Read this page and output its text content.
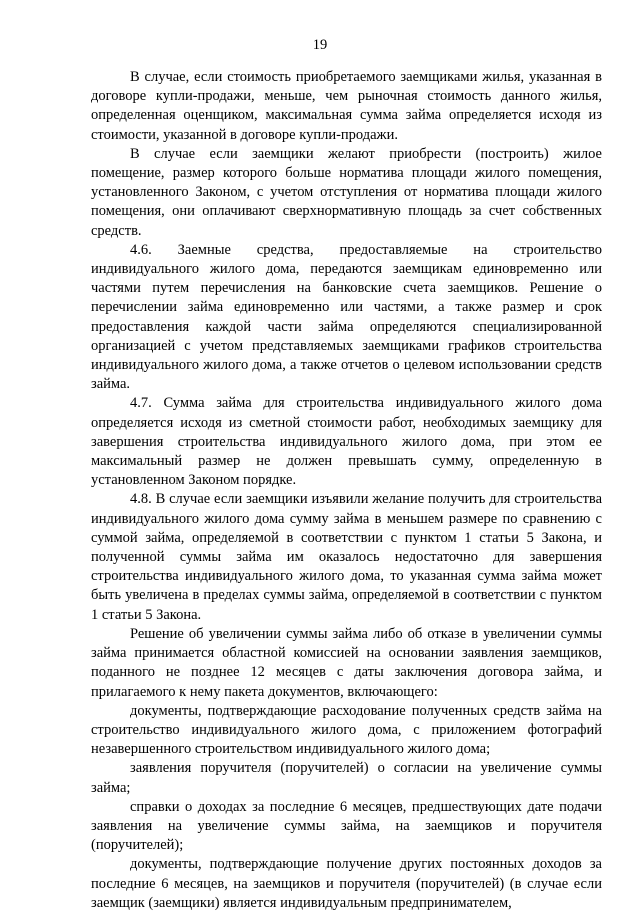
19

В случае, если стоимость приобретаемого заемщиками жилья, указанная в договоре купли-продажи, меньше, чем рыночная стоимость данного жилья, определенная оценщиком, максимальная сумма займа определяется исходя из стоимости, указанной в договоре купли-продажи.

В случае если заемщики желают приобрести (построить) жилое помещение, размер которого больше норматива площади жилого помещения, установленного Законом, с учетом отступления от норматива площади жилого помещения, они оплачивают сверхнормативную площадь за счет собственных средств.

4.6. Заемные средства, предоставляемые на строительство индивидуального жилого дома, передаются заемщикам единовременно или частями путем перечисления на банковские счета заемщиков. Решение о перечислении займа единовременно или частями, а также размер и срок предоставления каждой части займа определяются специализированной организацией с учетом представляемых заемщиками графиков строительства индивидуального жилого дома, а также отчетов о целевом использовании средств займа.

4.7. Сумма займа для строительства индивидуального жилого дома определяется исходя из сметной стоимости работ, необходимых заемщику для завершения строительства индивидуального жилого дома, при этом ее максимальный размер не должен превышать сумму, определенную в установленном Законом порядке.

4.8. В случае если заемщики изъявили желание получить для строительства индивидуального жилого дома сумму займа в меньшем размере по сравнению с суммой займа, определяемой в соответствии с пунктом 1 статьи 5 Закона, и полученной суммы займа им оказалось недостаточно для завершения строительства индивидуального жилого дома, то указанная сумма займа может быть увеличена в пределах суммы займа, определяемой в соответствии с пунктом 1 статьи 5 Закона.

Решение об увеличении суммы займа либо об отказе в увеличении суммы займа принимается областной комиссией на основании заявления заемщиков, поданного не позднее 12 месяцев с даты заключения договора займа, и прилагаемого к нему пакета документов, включающего:

документы, подтверждающие расходование полученных средств займа на строительство индивидуального жилого дома, с приложением фотографий незавершенного строительством индивидуального жилого дома;

заявления поручителя (поручителей) о согласии на увеличение суммы займа;

справки о доходах за последние 6 месяцев, предшествующих дате подачи заявления на увеличение суммы займа, на заемщиков и поручителя (поручителей);

документы, подтверждающие получение других постоянных доходов за последние 6 месяцев, на заемщиков и поручителя (поручителей) (в случае если заемщик (заемщики) является индивидуальным предпринимателем,
